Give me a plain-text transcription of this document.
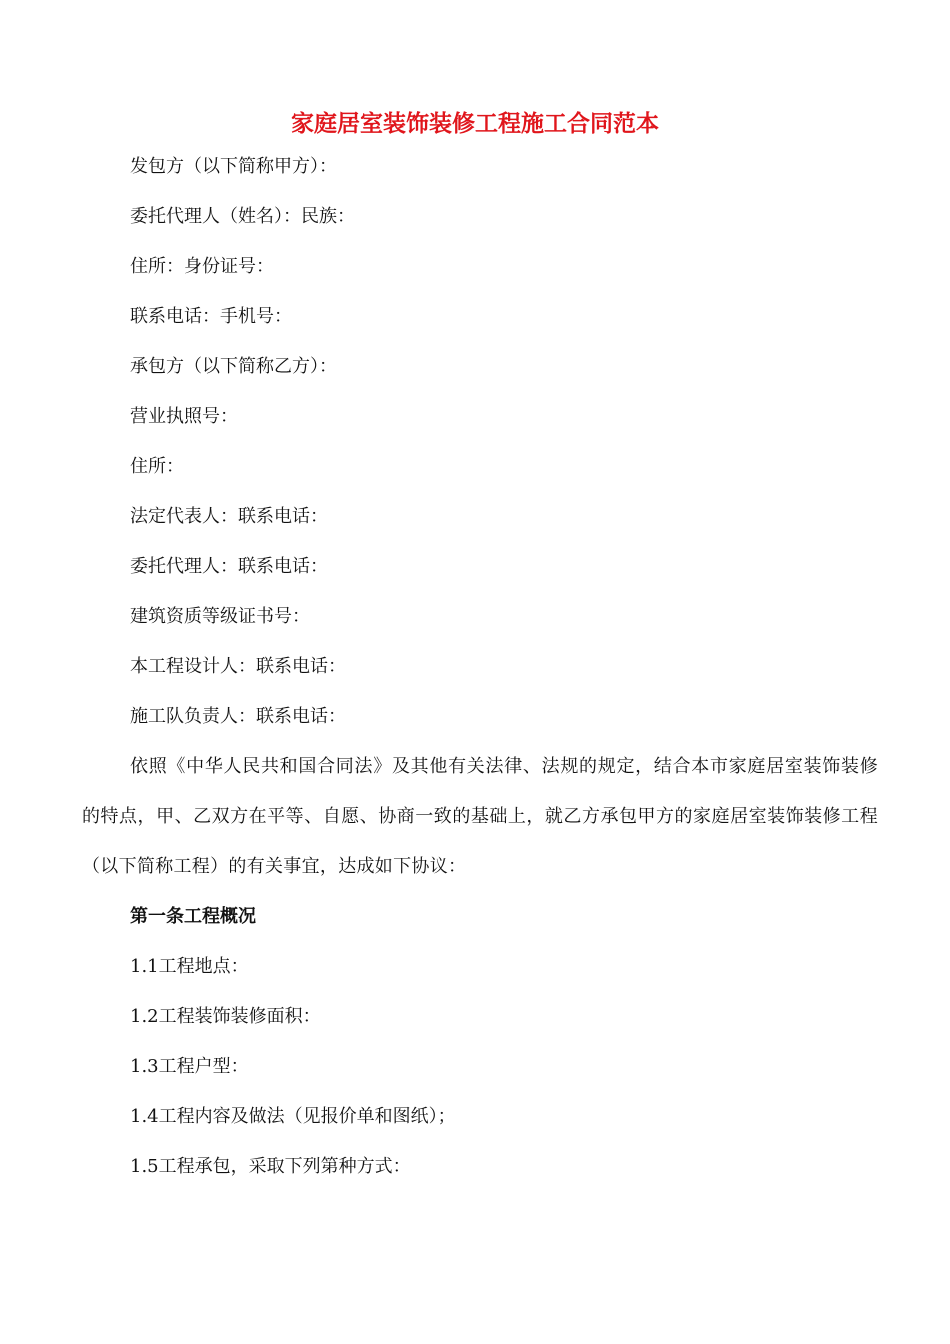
家庭居室装饰装修工程施工合同范本
发包方（以下简称甲方）：
委托代理人（姓名）：民族：
住所：身份证号：
联系电话：手机号：
承包方（以下简称乙方）：
营业执照号：
住所：
法定代表人：联系电话：
委托代理人：联系电话：
建筑资质等级证书号：
本工程设计人：联系电话：
施工队负责人：联系电话：
依照《中华人民共和国合同法》及其他有关法律、法规的规定，结合本市家庭居室装饰装修的特点，甲、乙双方在平等、自愿、协商一致的基础上，就乙方承包甲方的家庭居室装饰装修工程（以下简称工程）的有关事宜，达成如下协议：
第一条工程概况
1.1工程地点：
1.2工程装饰装修面积：
1.3工程户型：
1.4工程内容及做法（见报价单和图纸）；
1.5工程承包，采取下列第种方式：
